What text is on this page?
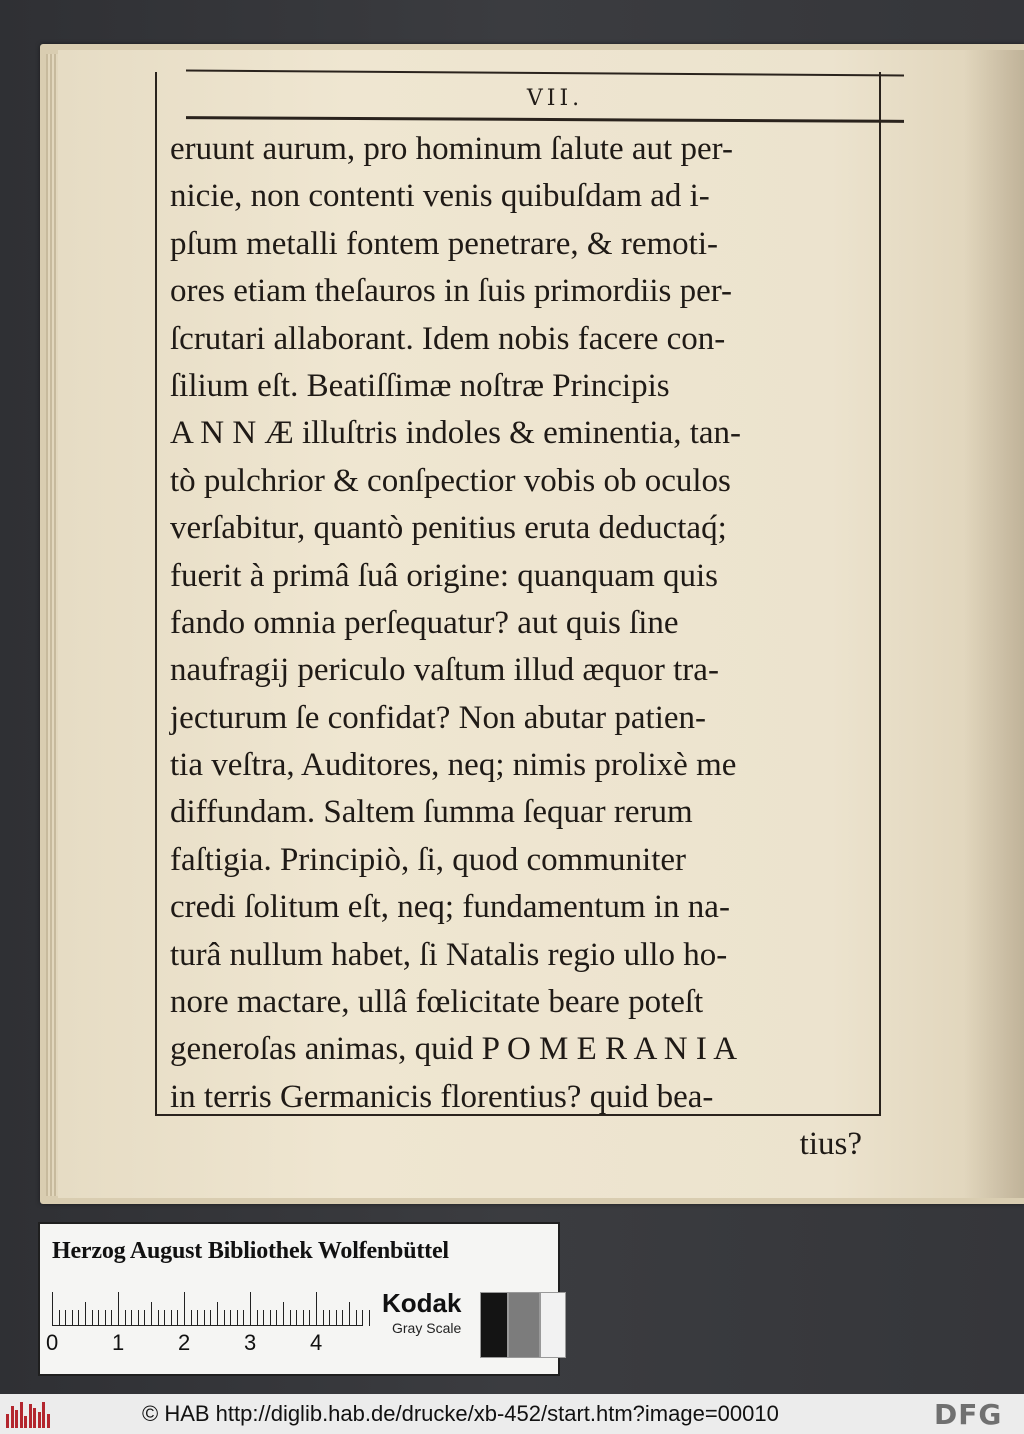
VII.
eruunt aurum, pro hominum ſalute aut per-
nicie, non contenti venis quibuſdam ad i-
pſum metalli fontem penetrare, & remoti-
ores etiam theſauros in ſuis primordiis per-
ſcrutari allaborant. Idem nobis facere con-
ſilium eſt. Beatiſſimæ noſtræ Principis
A N N Æ illuſtris indoles & eminentia, tan-
tò pulchrior & conſpectior vobis ob oculos
verſabitur, quantò penitius eruta deductaq́;
fuerit à primâ ſuâ origine: quanquam quis
fando omnia perſequatur? aut quis ſine
naufragij periculo vaſtum illud æquor tra-
jecturum ſe confidat? Non abutar patien-
tia veſtra, Auditores, neq; nimis prolixè me
diffundam. Saltem ſumma ſequar rerum
faſtigia. Principiò, ſi, quod communiter
credi ſolitum eſt, neq; fundamentum in na-
turâ nullum habet, ſi Natalis regio ullo ho-
nore mactare, ullâ fœlicitate beare poteſt
generoſas animas, quid P O M E R A N I A
in terris Germanicis florentius? quid bea-
tius?
Herzog August Bibliothek Wolfenbüttel
0 1 2 3 4
Kodak
Gray Scale
© HAB http://diglib.hab.de/drucke/xb-452/start.htm?image=00010	DFG
